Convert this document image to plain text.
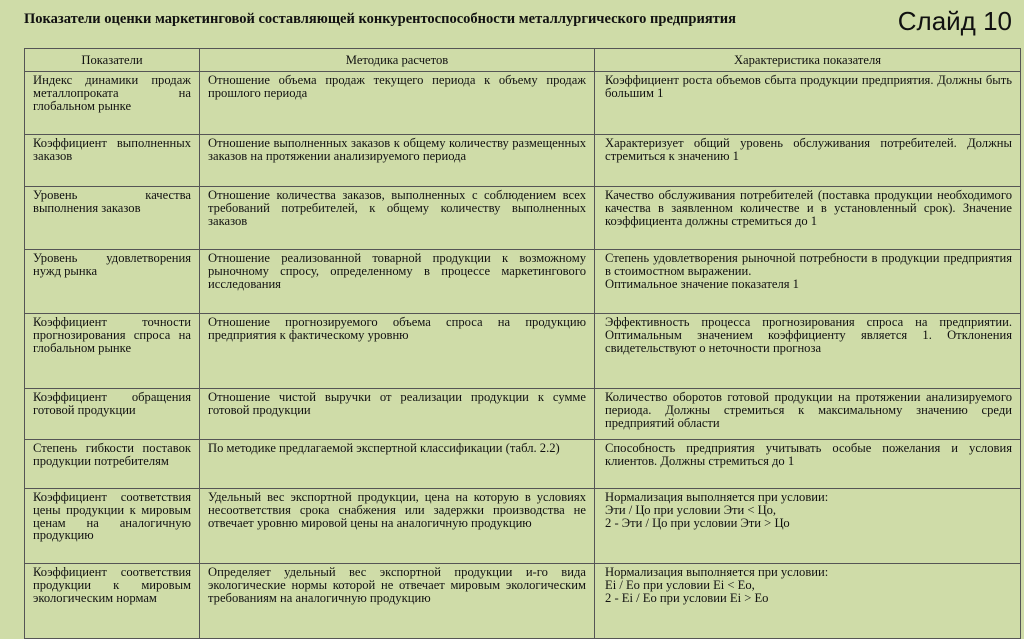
Показатели оценки маркетинговой составляющей конкурентоспособности металлургического предприятия	Слайд 10
Показатели	Методика расчетов	Характеристика показателя
Индекс динамики продаж металлопроката на глобальном рынке	Отношение объема продаж текущего периода к объему продаж прошлого периода	Коэффициент роста объемов сбыта продукции предприятия. Должны быть большим 1

Коэффициент выполненных заказов	Отношение выполненных заказов к общему количеству размещенных заказов на протяжении анализируемого периода	Характеризует общий уровень обслуживания потребителей. Должны стремиться к значению 1

Уровень качества выполнения заказов	Отношение количества заказов, выполненных с соблюдением всех требований потребителей, к общему количеству выполненных заказов	Качество обслуживания потребителей (поставка продукции необходимого качества в заявленном количестве и в установленный срок). Значение коэффициента должны стремиться до 1

Уровень удовлетворения нужд рынка	Отношение реализованной товарной продукции к возможному рыночному спросу, определенному в процессе маркетингового исследования	Степень удовлетворения рыночной потребности в продукции предприятия в стоимостном выражении.
Оптимальное значение показателя 1

Коэффициент точности прогнозирования спроса на глобальном рынке	Отношение прогнозируемого объема спроса на продукцию предприятия к фактическому уровню	Эффективность процесса прогнозирования спроса на предприятии. Оптимальным значением коэффициенту является 1. Отклонения свидетельствуют о неточности прогноза

Коэффициент обращения готовой продукции	Отношение чистой выручки от реализации продукции к сумме готовой продукции	Количество оборотов готовой продукции на протяжении анализируемого периода. Должны стремиться к максимальному значению среди предприятий области

Степень гибкости поставок продукции потребителям	По методике предлагаемой экспертной классификации (табл. 2.2)	Способность предприятия учитывать особые пожелания и условия клиентов. Должны стремиться до 1

Коэффициент соответствия цены продукции к мировым ценам на аналогичную продукцию	Удельный вес экспортной продукции, цена на которую в условиях несоответствия срока снабжения или задержки производства не отвечает уровню мировой цены на аналогичную продукцию	Нормализация выполняется при условии:
Эти / Цо при условии Эти < Цо,
2 - Эти / Цо при условии Эти > Цо

Коэффициент соответствия продукции к мировым экологическим нормам	Определяет удельный вес экспортной продукции и-го вида экологические нормы которой не отвечает мировым экологическим требованиям на аналогичную продукцию	Нормализация выполняется при условии:
Еі / Ео при условии Еі < Ео,
2 - Еі / Ео при условии Еі > Ео
